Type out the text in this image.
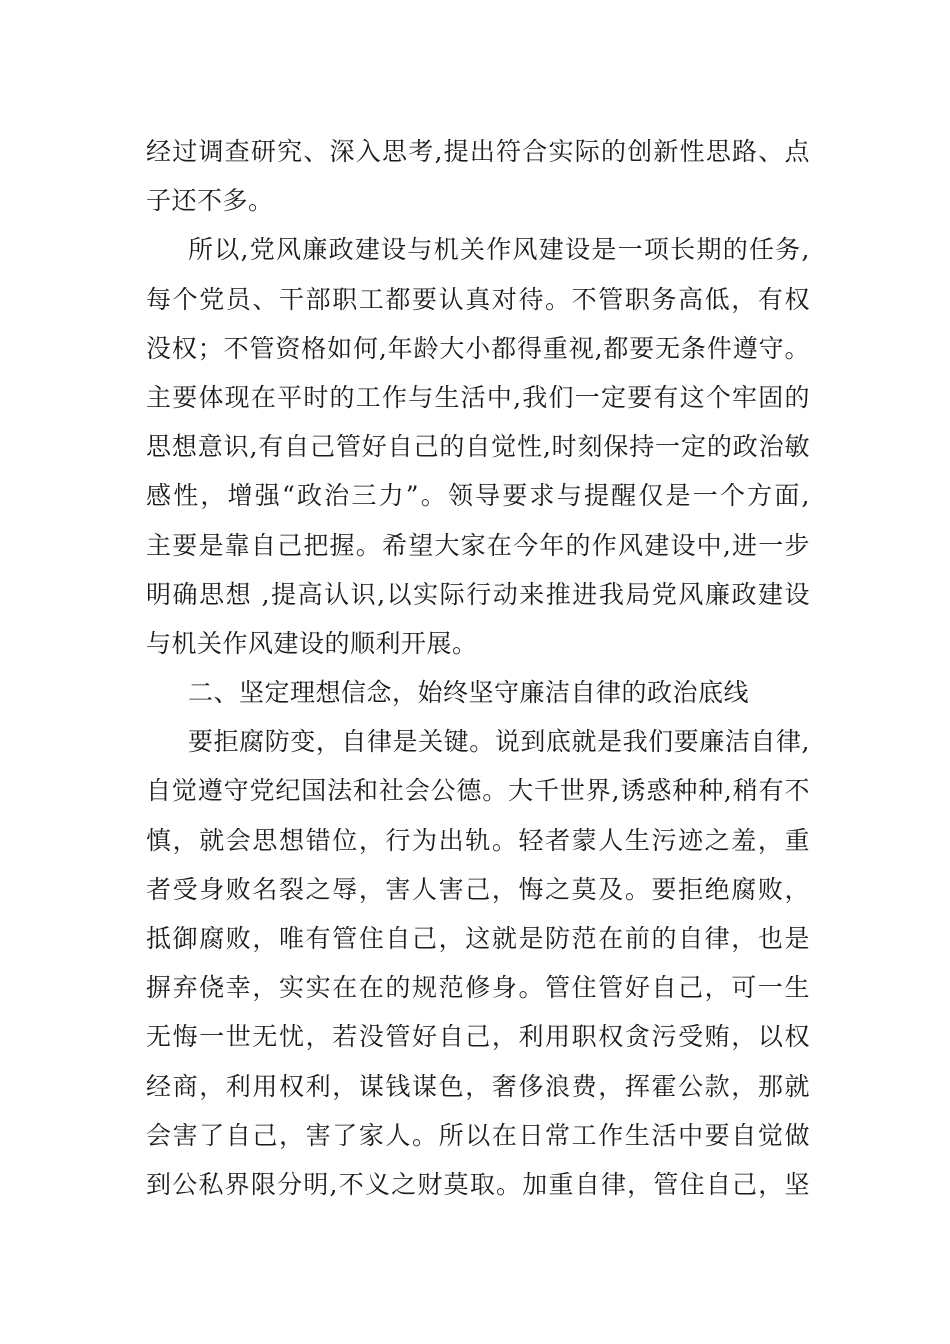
经过调查研究、深入思考,提出符合实际的创新性思路、点
子还不多。
所以,党风廉政建设与机关作风建设是一项长期的任务,
每个党员、干部职工都要认真对待。不管职务高低，有权
没权；不管资格如何,年龄大小都得重视,都要无条件遵守。
主要体现在平时的工作与生活中,我们一定要有这个牢固的
思想意识,有自己管好自己的自觉性,时刻保持一定的政治敏
感性，增强“政治三力”。领导要求与提醒仅是一个方面,
主要是靠自己把握。希望大家在今年的作风建设中,进一步
明确思想 ,提高认识,以实际行动来推进我局党风廉政建设
与机关作风建设的顺利开展。
二、坚定理想信念，始终坚守廉洁自律的政治底线
要拒腐防变，自律是关键。说到底就是我们要廉洁自律,
自觉遵守党纪国法和社会公德。大千世界,诱惑种种,稍有不
慎，就会思想错位，行为出轨。轻者蒙人生污迹之羞，重
者受身败名裂之辱，害人害己，悔之莫及。要拒绝腐败，
抵御腐败，唯有管住自己，这就是防范在前的自律，也是
摒弃侥幸，实实在在的规范修身。管住管好自己，可一生
无悔一世无忧，若没管好自己，利用职权贪污受贿，以权
经商，利用权利，谋钱谋色，奢侈浪费，挥霍公款，那就
会害了自己，害了家人。所以在日常工作生活中要自觉做
到公私界限分明,不义之财莫取。加重自律，管住自己，坚
